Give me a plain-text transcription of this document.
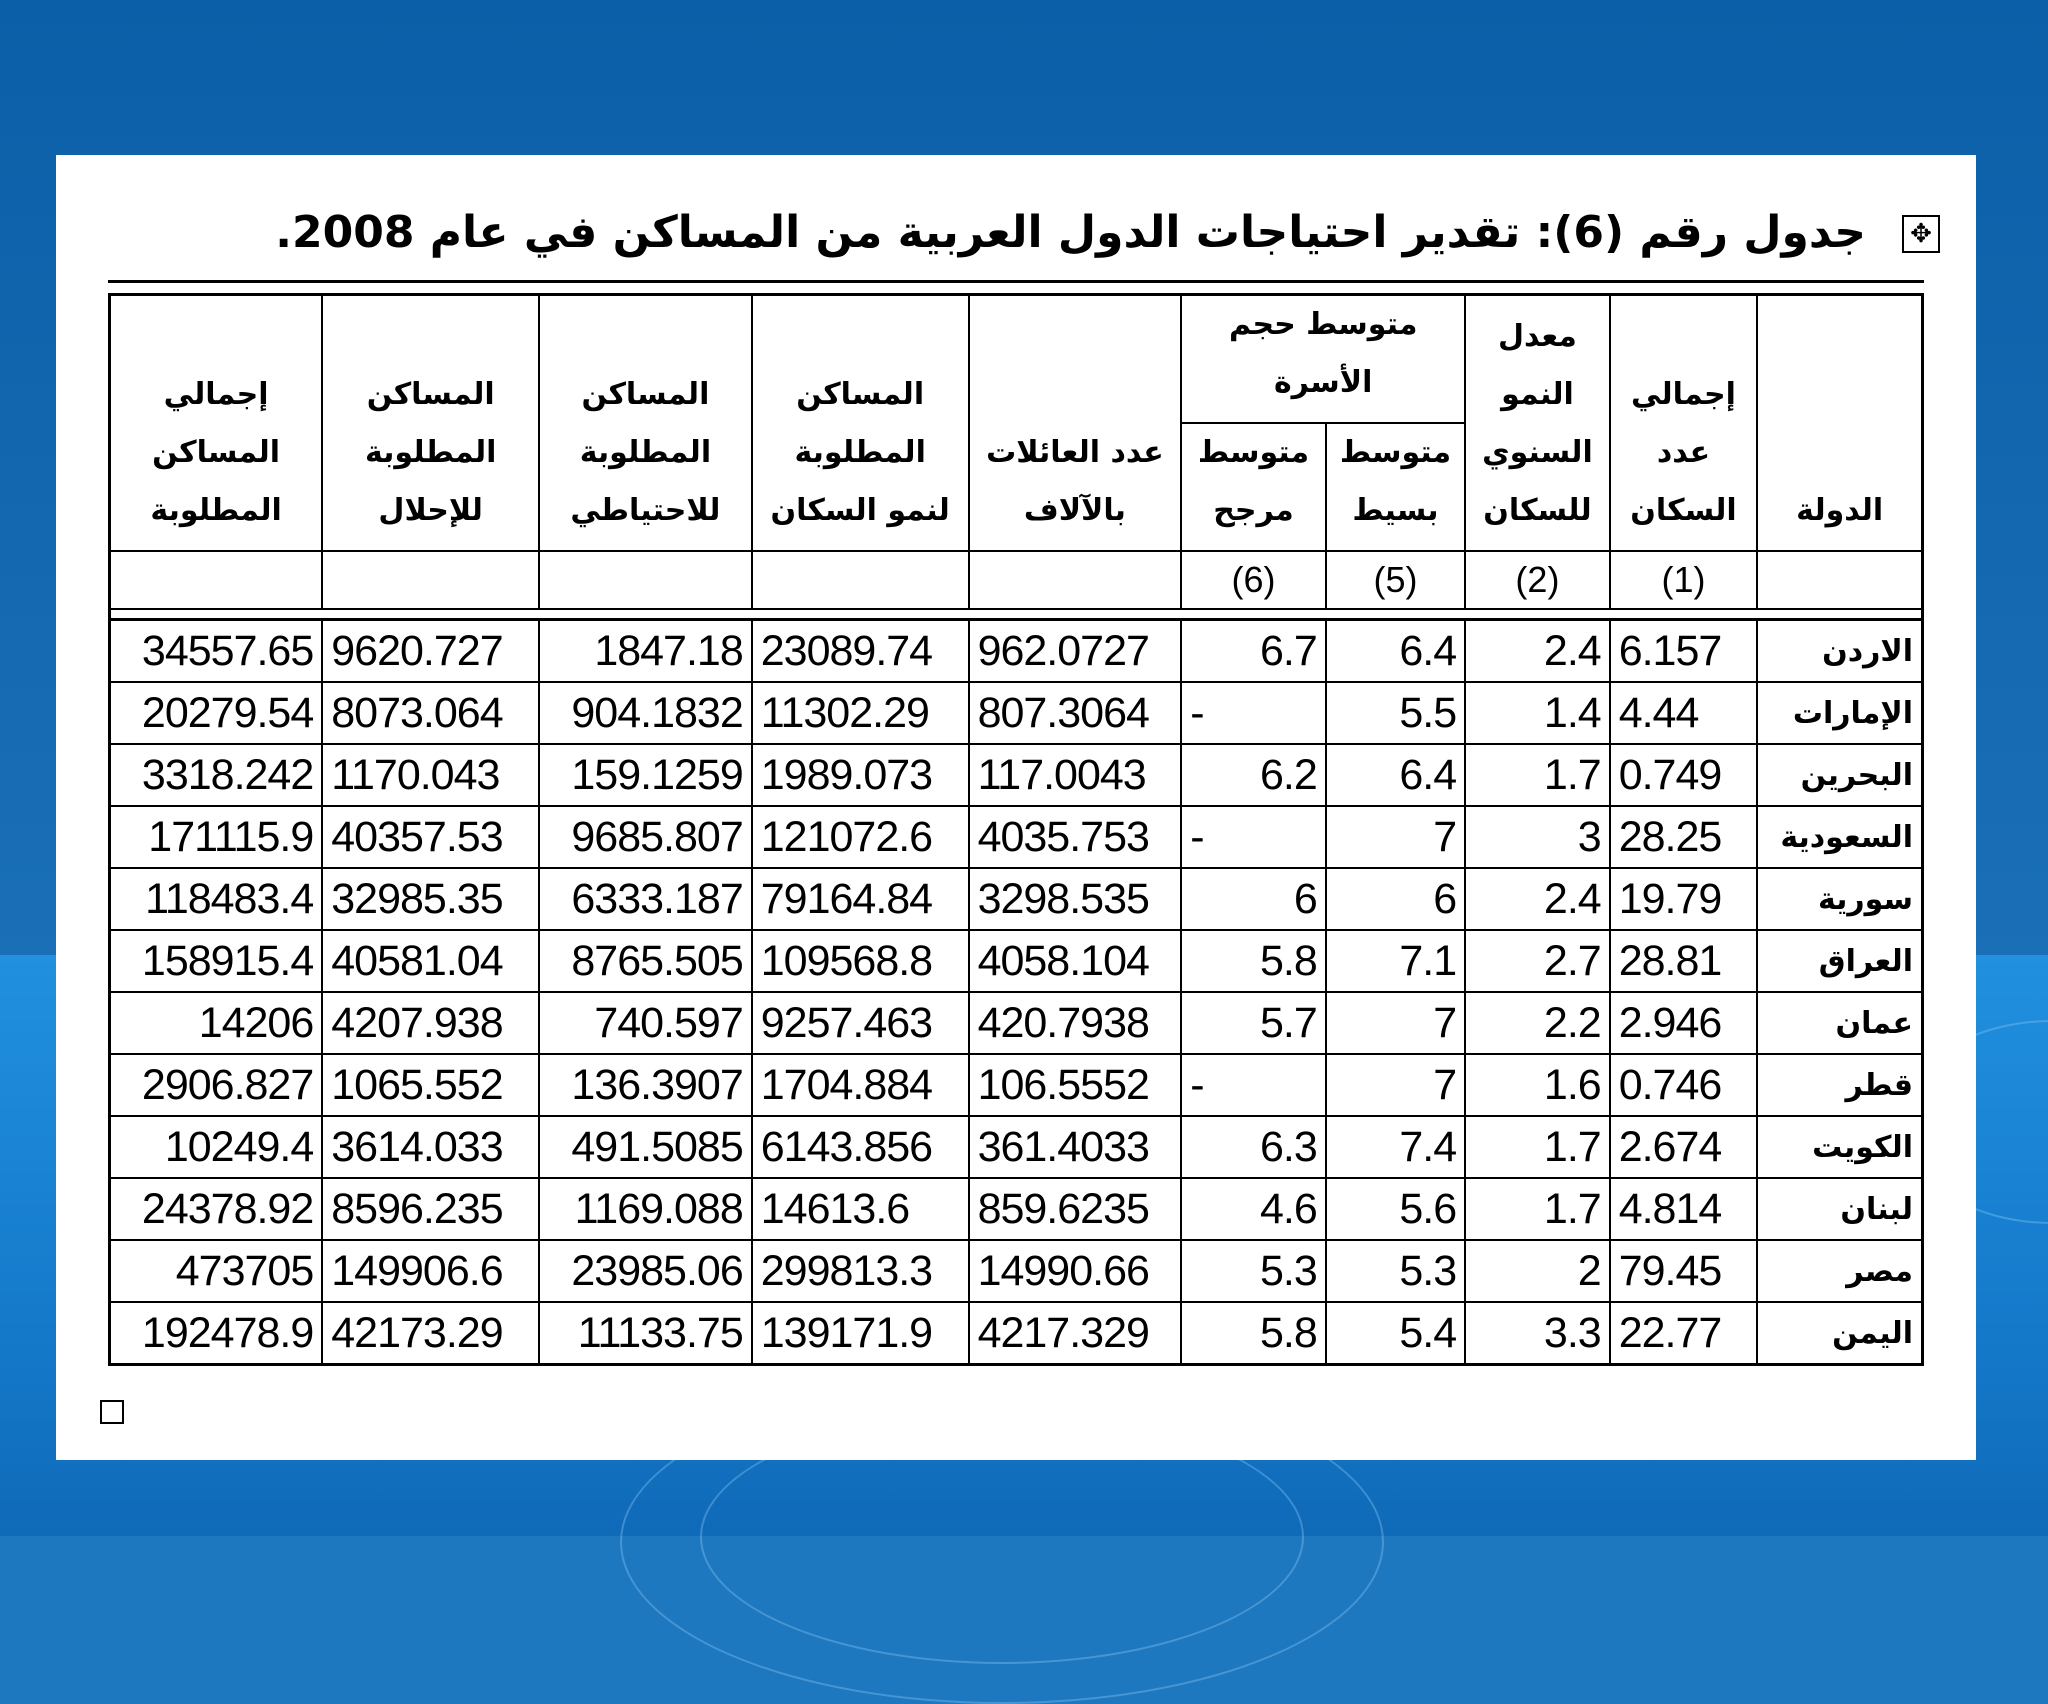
✥
جدول رقم (6): تقدير احتياجات الدول العربية من المساكن في عام 2008.
الدولة	إجمالي عدد السكان	معدل النمو السنوي للسكان	متوسط حجم الأسرة		عدد العائلات بالآلاف	المساكن المطلوبة لنمو السكان	المساكن المطلوبة للاحتياطي	المساكن المطلوبة للإحلال	إجمالي المساكن المطلوبة
			متوسط بسيط	متوسط مرجح					
	(1)	(2)	(5)	(6)					

الاردن	6.157	2.4	6.4	6.7	962.0727	23089.74	1847.18	9620.727	34557.65
الإمارات	4.44	1.4	5.5	-	807.3064	11302.29	904.1832	8073.064	20279.54
البحرين	0.749	1.7	6.4	6.2	117.0043	1989.073	159.1259	1170.043	3318.242
السعودية	28.25	3	7	-	4035.753	121072.6	9685.807	40357.53	171115.9
سورية	19.79	2.4	6	6	3298.535	79164.84	6333.187	32985.35	118483.4
العراق	28.81	2.7	7.1	5.8	4058.104	109568.8	8765.505	40581.04	158915.4
عمان	2.946	2.2	7	5.7	420.7938	9257.463	740.597	4207.938	14206
قطر	0.746	1.6	7	-	106.5552	1704.884	136.3907	1065.552	2906.827
الكويت	2.674	1.7	7.4	6.3	361.4033	6143.856	491.5085	3614.033	10249.4
لبنان	4.814	1.7	5.6	4.6	859.6235	14613.6	1169.088	8596.235	24378.92
مصر	79.45	2	5.3	5.3	14990.66	299813.3	23985.06	149906.6	473705
اليمن	22.77	3.3	5.4	5.8	4217.329	139171.9	11133.75	42173.29	192478.9
